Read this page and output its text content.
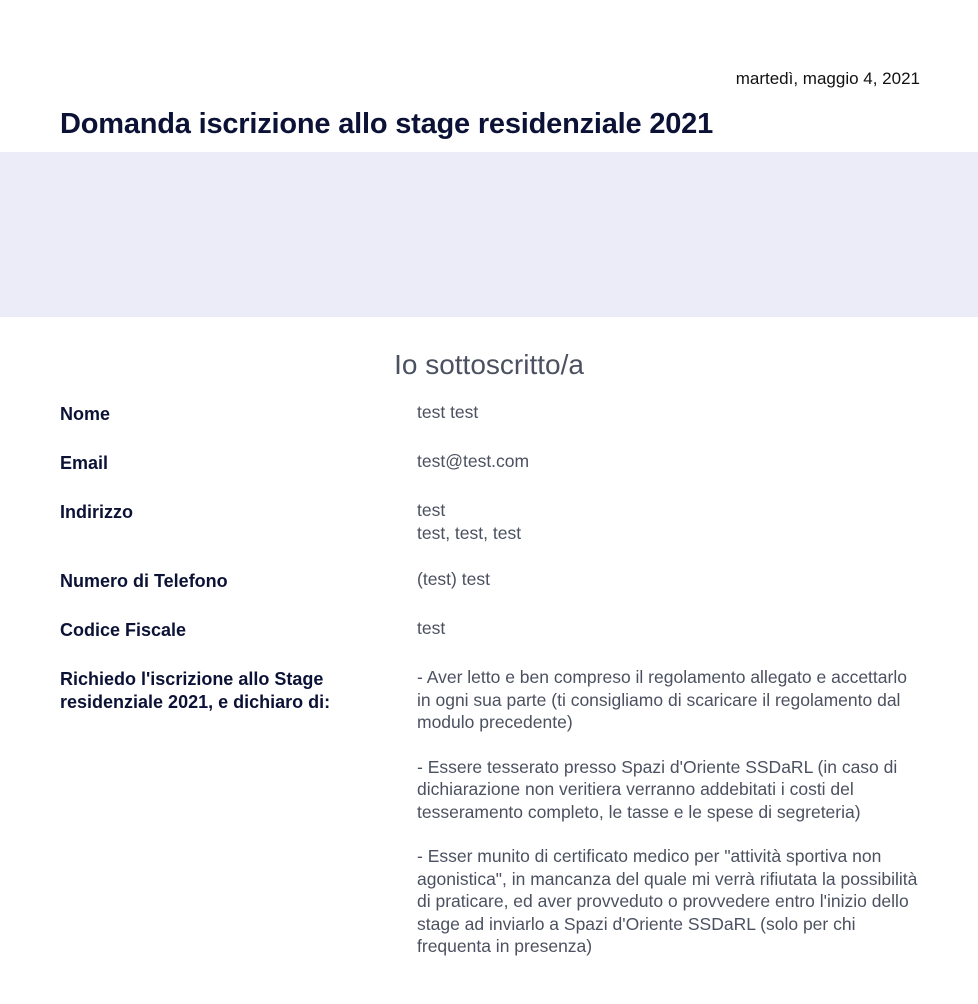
martedì, maggio 4, 2021
Domanda iscrizione allo stage residenziale 2021
Io sottoscritto/a
Nome	test test
Email	test@test.com
Indirizzo	test
test, test, test
Numero di Telefono	(test) test
Codice Fiscale	test
Richiedo l'iscrizione allo Stage residenziale 2021, e dichiaro di:
- Aver letto e ben compreso il regolamento allegato e accettarlo in ogni sua parte (ti consigliamo di scaricare il regolamento dal modulo precedente)
- Essere tesserato presso Spazi d'Oriente SSDaRL (in caso di dichiarazione non veritiera verranno addebitati i costi del tesseramento completo, le tasse e le spese di segreteria)
- Esser munito di certificato medico per "attività sportiva non agonistica", in mancanza del quale mi verrà rifiutata la possibilità di praticare, ed aver provveduto o provvedere entro l'inizio dello stage ad inviarlo a Spazi d'Oriente SSDaRL (solo per chi frequenta in presenza)
